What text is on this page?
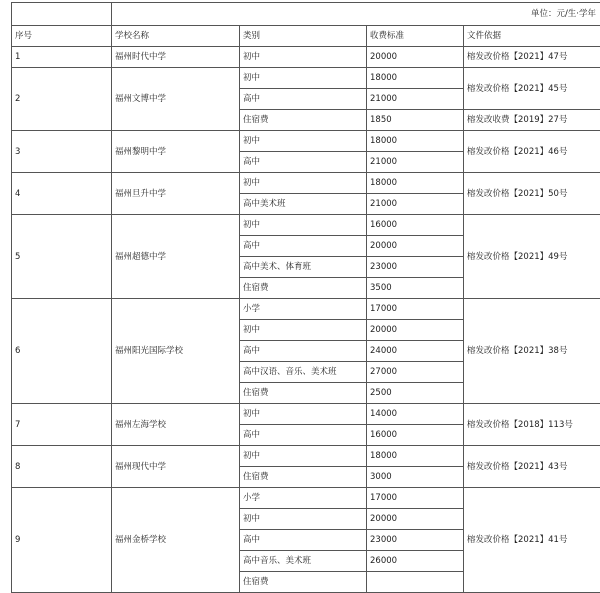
	单位：元/生·学年			
序号	学校名称	类别	收费标准	文件依据
1	福州时代中学	初中	20000	榕发改价格【2021】47号
2	福州文博中学	初中	18000	榕发改价格【2021】45号
		高中	21000	
		住宿费	1850	榕发改收费【2019】27号
3	福州黎明中学	初中	18000	榕发改价格【2021】46号
		高中	21000	
4	福州旦升中学	初中	18000	榕发改价格【2021】50号
		高中美术班	21000	
5	福州超德中学	初中	16000	榕发改价格【2021】49号
		高中	20000	
		高中美术、体育班	23000	
		住宿费	3500	
6	福州阳光国际学校	小学	17000	榕发改价格【2021】38号
		初中	20000	
		高中	24000	
		高中汉语、音乐、美术班	27000	
		住宿费	2500	
7	福州左海学校	初中	14000	榕发改价格【2018】113号
		高中	16000	
8	福州现代中学	初中	18000	榕发改价格【2021】43号
		住宿费	3000	
9	福州金桥学校	小学	17000	榕发改价格【2021】41号
		初中	20000	
		高中	23000	
		高中音乐、美术班	26000	
		住宿费		
